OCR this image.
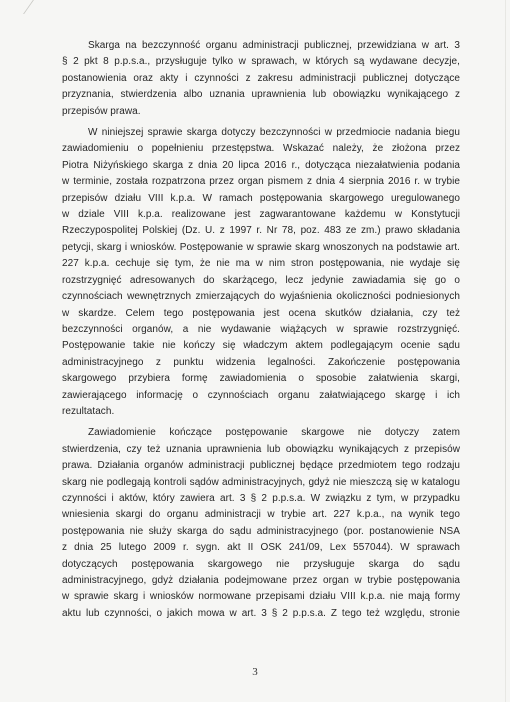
Skarga na bezczynność organu administracji publicznej, przewidziana w art. 3
§ 2 pkt 8 p.p.s.a., przysługuje tylko w sprawach, w których są wydawane decyzje,
postanowienia oraz akty i czynności z zakresu administracji publicznej dotyczące
przyznania, stwierdzenia albo uznania uprawnienia lub obowiązku wynikającego z
przepisów prawa.
W niniejszej sprawie skarga dotyczy bezczynności w przedmiocie nadania biegu
zawiadomieniu o popełnieniu przestępstwa. Wskazać należy, że złożona przez
Piotra Niżyńskiego skarga z dnia 20 lipca 2016 r., dotycząca niezałatwienia podania
w terminie, została rozpatrzona przez organ pismem z dnia 4 sierpnia 2016 r. w trybie
przepisów działu VIII k.p.a. W ramach postępowania skargowego uregulowanego
w dziale VIII k.p.a. realizowane jest zagwarantowane każdemu w Konstytucji
Rzeczypospolitej Polskiej (Dz. U. z 1997 r. Nr 78, poz. 483 ze zm.) prawo składania
petycji, skarg i wniosków. Postępowanie w sprawie skarg wnoszonych na podstawie art.
227 k.p.a. cechuje się tym, że nie ma w nim stron postępowania, nie wydaje się
rozstrzygnięć adresowanych do skarżącego, lecz jedynie zawiadamia się go o
czynnościach wewnętrznych zmierzających do wyjaśnienia okoliczności podniesionych
w skardze. Celem tego postępowania jest ocena skutków działania, czy też
bezczynności organów, a nie wydawanie wiążących w sprawie rozstrzygnięć.
Postępowanie takie nie kończy się władczym aktem podlegającym ocenie sądu
administracyjnego z punktu widzenia legalności. Zakończenie postępowania
skargowego przybiera formę zawiadomienia o sposobie załatwienia skargi,
zawierającego informację o czynnościach organu załatwiającego skargę i ich
rezultatach.
Zawiadomienie kończące postępowanie skargowe nie dotyczy zatem
stwierdzenia, czy też uznania uprawnienia lub obowiązku wynikających z przepisów
prawa. Działania organów administracji publicznej będące przedmiotem tego rodzaju
skarg nie podlegają kontroli sądów administracyjnych, gdyż nie mieszczą się w katalogu
czynności i aktów, który zawiera art. 3 § 2 p.p.s.a. W związku z tym, w przypadku
wniesienia skargi do organu administracji w trybie art. 227 k.p.a., na wynik tego
postępowania nie służy skarga do sądu administracyjnego (por. postanowienie NSA
z dnia 25 lutego 2009 r. sygn. akt II OSK 241/09, Lex 557044). W sprawach
dotyczących postępowania skargowego nie przysługuje skarga do sądu
administracyjnego, gdyż działania podejmowane przez organ w trybie postępowania
w sprawie skarg i wniosków normowane przepisami działu VIII k.p.a. nie mają formy
aktu lub czynności, o jakich mowa w art. 3 § 2 p.p.s.a. Z tego też względu, stronie
3
